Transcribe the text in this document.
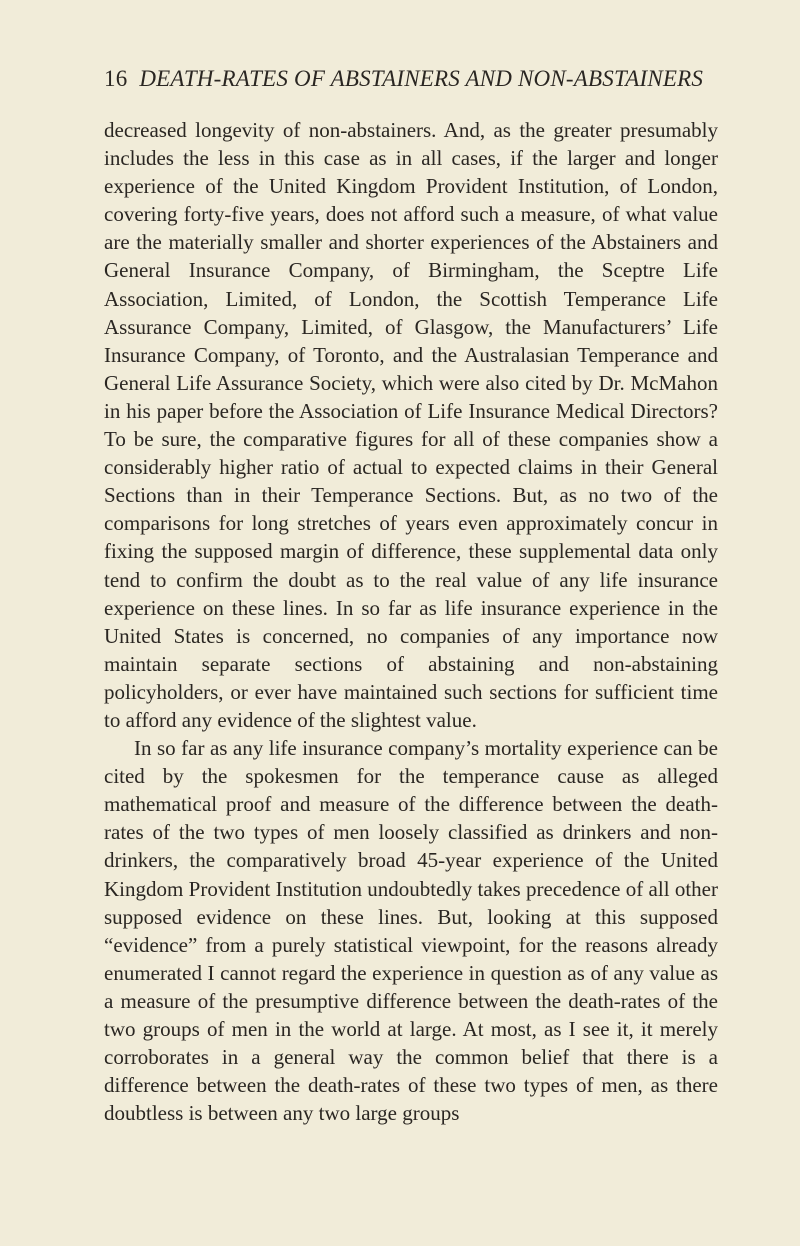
16 DEATH-RATES OF ABSTAINERS AND NON-ABSTAINERS

decreased longevity of non-abstainers. And, as the greater presumably includes the less in this case as in all cases, if the larger and longer experience of the United Kingdom Provident Institution, of London, covering forty-five years, does not afford such a measure, of what value are the materially smaller and shorter experiences of the Abstainers and General Insurance Company, of Birmingham, the Sceptre Life Association, Limited, of London, the Scottish Temperance Life Assurance Company, Limited, of Glasgow, the Manufacturers’ Life Insurance Company, of Toronto, and the Australasian Temperance and General Life Assurance Society, which were also cited by Dr. McMahon in his paper before the Association of Life Insurance Medical Directors? To be sure, the comparative figures for all of these companies show a considerably higher ratio of actual to expected claims in their General Sections than in their Temperance Sections. But, as no two of the comparisons for long stretches of years even approximately concur in fixing the supposed margin of difference, these supplemental data only tend to confirm the doubt as to the real value of any life insurance experience on these lines. In so far as life insurance experience in the United States is concerned, no companies of any importance now maintain separate sections of abstaining and non-abstaining policyholders, or ever have maintained such sections for sufficient time to afford any evidence of the slightest value.

In so far as any life insurance company’s mortality experience can be cited by the spokesmen for the temperance cause as alleged mathematical proof and measure of the difference between the death-rates of the two types of men loosely classified as drinkers and non-drinkers, the comparatively broad 45-year experience of the United Kingdom Provident Institution undoubtedly takes precedence of all other supposed evidence on these lines. But, looking at this supposed “evidence” from a purely statistical viewpoint, for the reasons already enumerated I cannot regard the experience in question as of any value as a measure of the presumptive difference between the death-rates of the two groups of men in the world at large. At most, as I see it, it merely corroborates in a general way the common belief that there is a difference between the death-rates of these two types of men, as there doubtless is between any two large groups
